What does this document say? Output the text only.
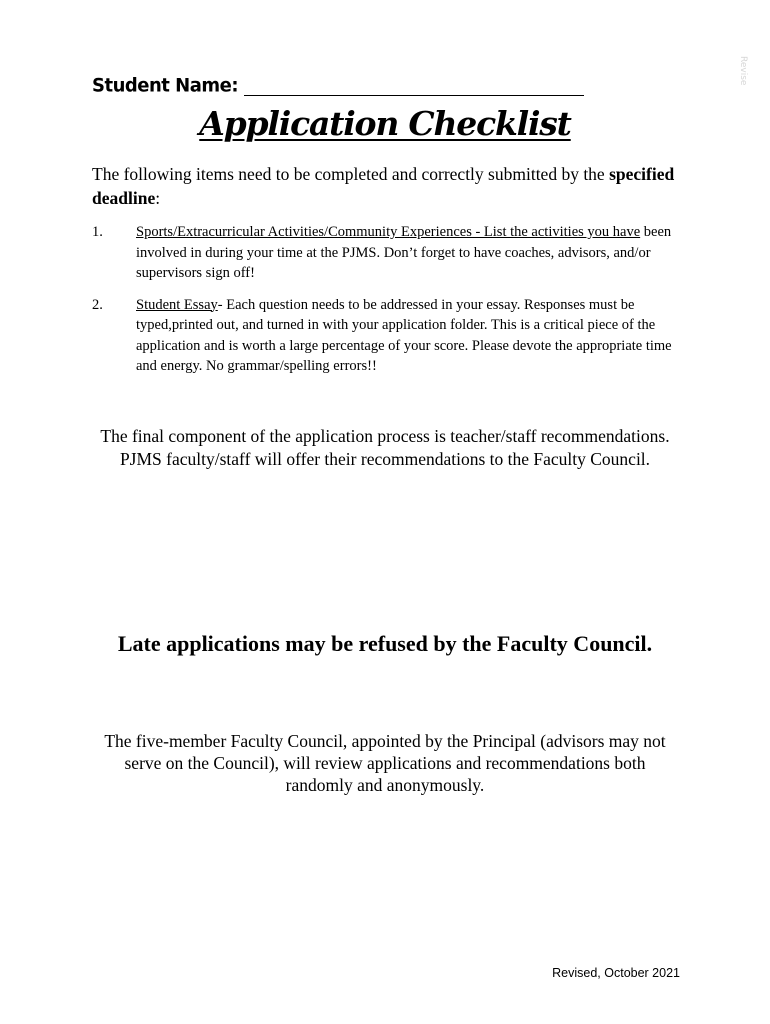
Revise
Student Name:
Application Checklist
The following items need to be completed and correctly submitted by the specified deadline:
1.	Sports/Extracurricular Activities/Community Experiences - List the activities you have been involved in during your time at the PJMS. Don’t forget to have coaches, advisors, and/or supervisors sign off!
2.	Student Essay- Each question needs to be addressed in your essay. Responses must be typed,printed out, and turned in with your application folder. This is a critical piece of the application and is worth a large percentage of your score. Please devote the appropriate time and energy. No grammar/spelling errors!!
The final component of the application process is teacher/staff recommendations.
PJMS faculty/staff will offer their recommendations to the Faculty Council.
Late applications may be refused by the Faculty Council.
The five-member Faculty Council, appointed by the Principal (advisors may not serve on the Council), will review applications and recommendations both randomly and anonymously.
Revised, October 2021
